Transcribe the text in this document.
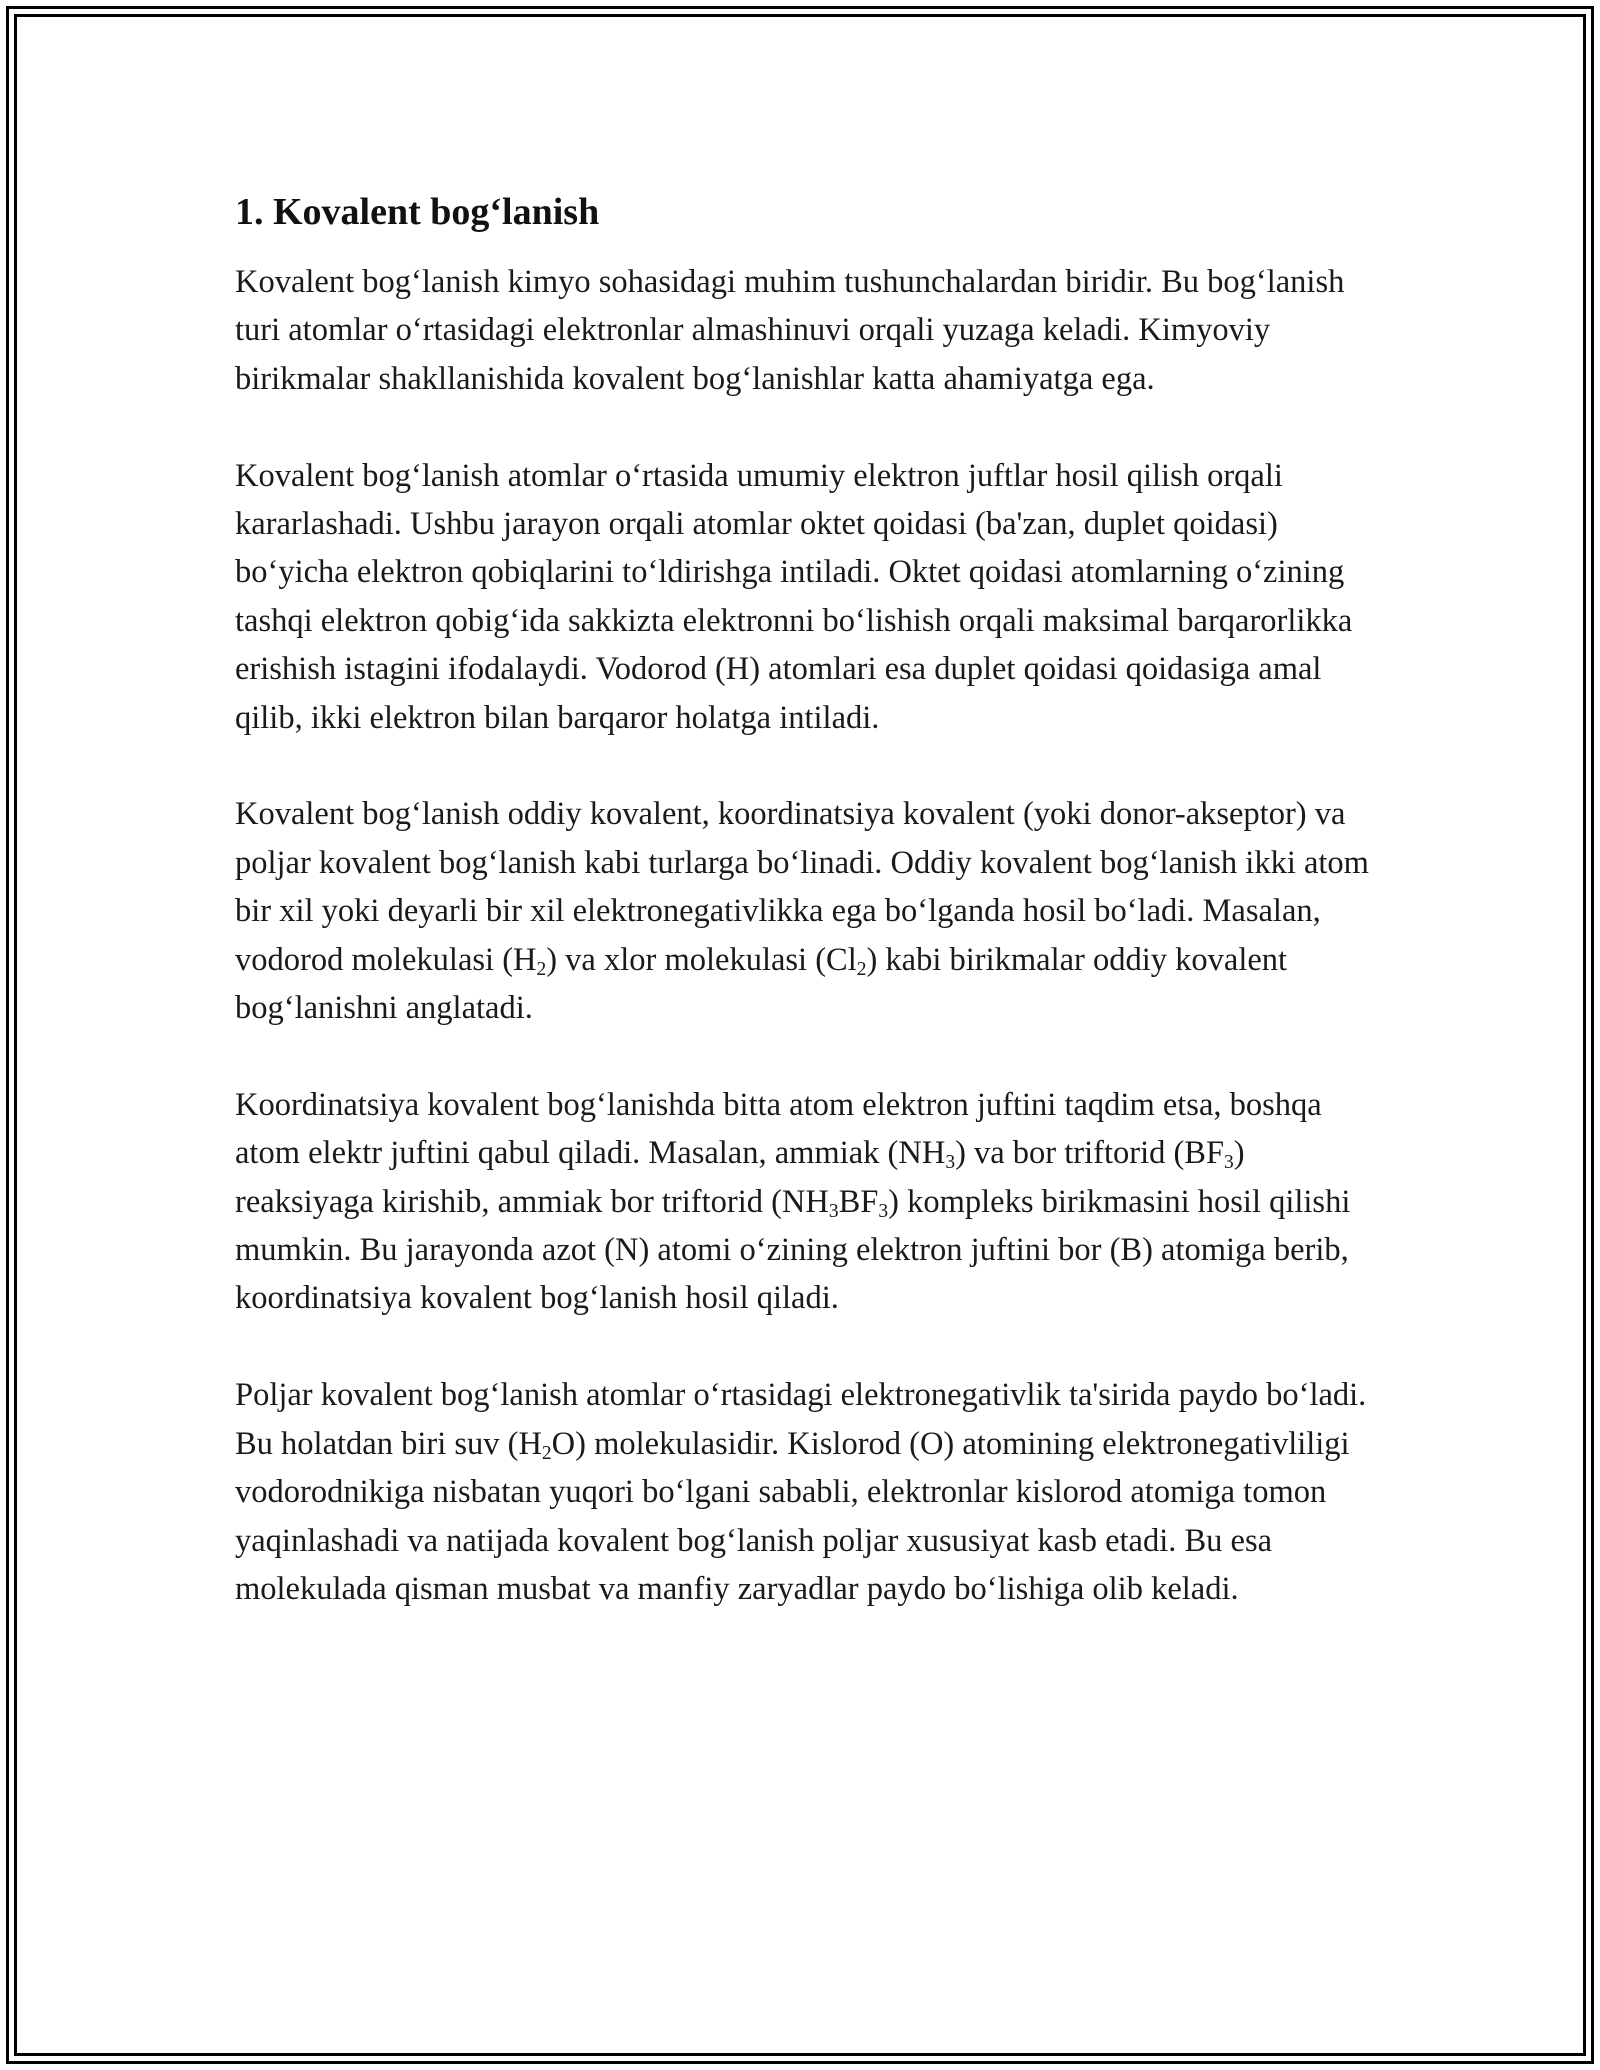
1. Kovalent bog‘lanish

Kovalent bog‘lanish kimyo sohasidagi muhim tushunchalardan biridir. Bu bog‘lanish turi atomlar o‘rtasidagi elektronlar almashinuvi orqali yuzaga keladi. Kimyoviy birikmalar shakllanishida kovalent bog‘lanishlar katta ahamiyatga ega.

Kovalent bog‘lanish atomlar o‘rtasida umumiy elektron juftlar hosil qilish orqali kararlashadi. Ushbu jarayon orqali atomlar oktet qoidasi (ba'zan, duplet qoidasi) bo‘yicha elektron qobiqlarini to‘ldirishga intiladi. Oktet qoidasi atomlarning o‘zining tashqi elektron qobig‘ida sakkizta elektronni bo‘lishish orqali maksimal barqarorlikka erishish istagini ifodalaydi. Vodorod (H) atomlari esa duplet qoidasi qoidasiga amal qilib, ikki elektron bilan barqaror holatga intiladi.

Kovalent bog‘lanish oddiy kovalent, koordinatsiya kovalent (yoki donor-akseptor) va poljar kovalent bog‘lanish kabi turlarga bo‘linadi. Oddiy kovalent bog‘lanish ikki atom bir xil yoki deyarli bir xil elektronegativlikka ega bo‘lganda hosil bo‘ladi. Masalan, vodorod molekulasi $(H_2)$ va xlor molekulasi $(Cl_2)$ kabi birikmalar oddiy kovalent bog‘lanishni anglatadi.

Koordinatsiya kovalent bog‘lanishda bitta atom elektron juftini taqdim etsa, boshqa atom elektr juftini qabul qiladi. Masalan, ammiak $(NH_3)$ va bor triftorid $(BF_3)$ reaksiyaga kirishib, ammiak bor triftorid $(NH_3BF_3)$ kompleks birikmasini hosil qilishi mumkin. Bu jarayonda azot (N) atomi o‘zining elektron juftini bor (B) atomiga berib, koordinatsiya kovalent bog‘lanish hosil qiladi.

Poljar kovalent bog‘lanish atomlar o‘rtasidagi elektronegativlik ta'sirida paydo bo‘ladi. Bu holatdan biri suv $(H_2O)$ molekulasidir. Kislorod (O) atomining elektronegativliligi vodorodnikiga nisbatan yuqori bo‘lgani sababli, elektronlar kislorod atomiga tomon yaqinlashadi va natijada kovalent bog‘lanish poljar xususiyat kasb etadi. Bu esa molekulada qisman musbat va manfiy zaryadlar paydo bo‘lishiga olib keladi.
